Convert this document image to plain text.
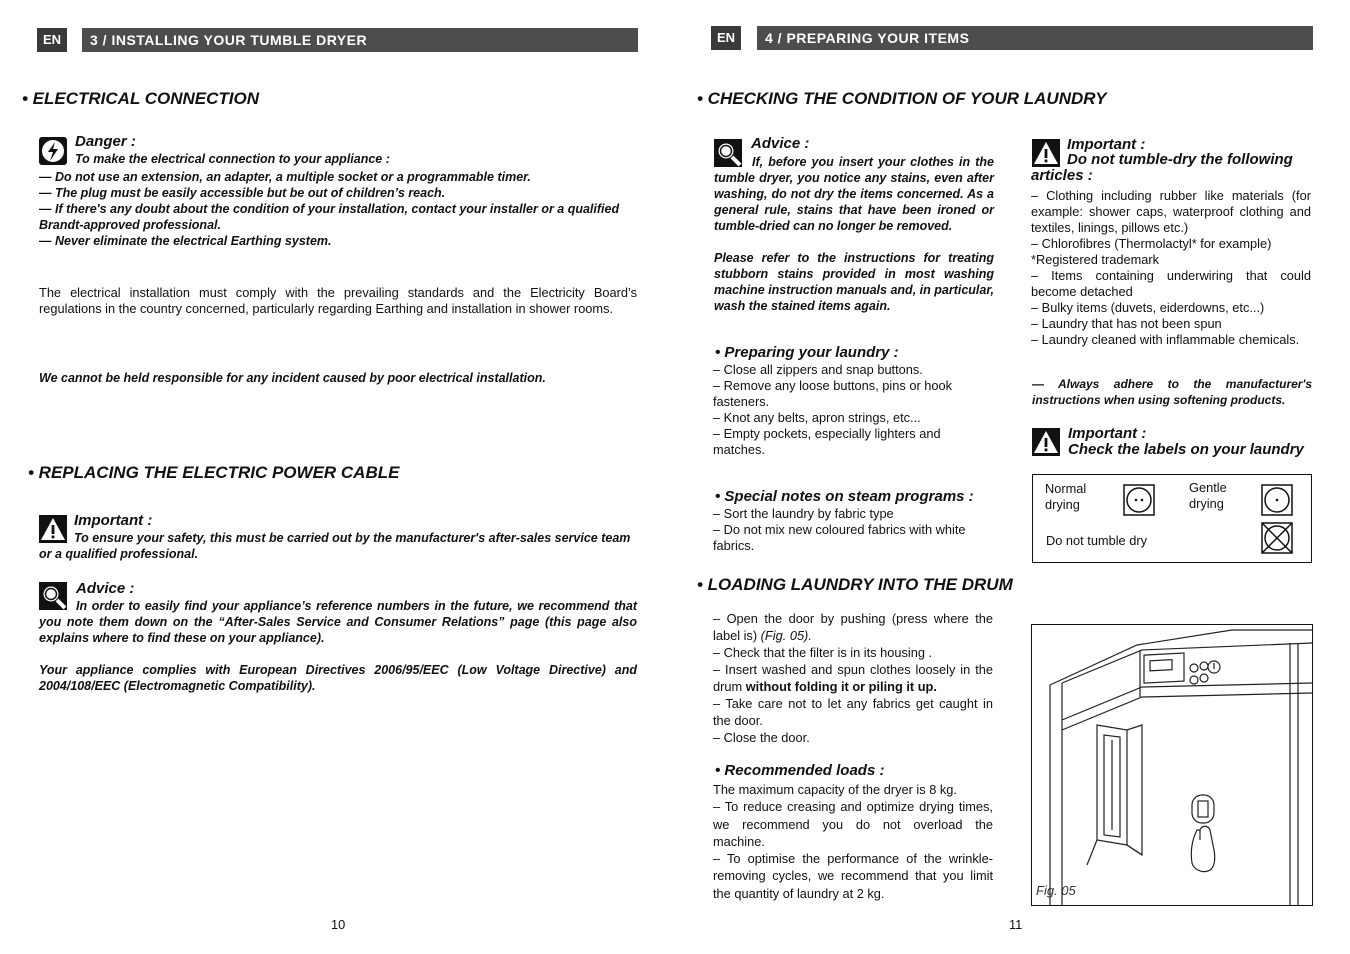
EN	3 / INSTALLING YOUR TUMBLE DRYER
• ELECTRICAL CONNECTION
Danger :
To make the electrical connection to your appliance :
— Do not use an extension, an adapter, a multiple socket or a programmable timer.
— The plug must be easily accessible but be out of children’s reach.
— If there's any doubt about the condition of your installation, contact your installer or a qualified Brandt-approved professional.
— Never eliminate the electrical Earthing system.
The electrical installation must comply with the prevailing standards and the Electricity Board’s regulations in the country concerned, particularly regarding Earthing and installation in shower rooms.
We cannot be held responsible for any incident caused by poor electrical installation.
• REPLACING THE ELECTRIC POWER CABLE
Important :
To ensure your safety, this must be carried out by the manufacturer's after-sales service team or a qualified professional.
Advice :
In order to easily find your appliance’s reference numbers in the future, we recommend that you note them down on the “After-Sales Service and Consumer Relations” page (this page also explains where to find these on your appliance).
Your appliance complies with European Directives 2006/95/EEC (Low Voltage Directive) and 2004/108/EEC (Electromagnetic Compatibility).
10
EN	4 / PREPARING YOUR ITEMS
• CHECKING THE CONDITION OF YOUR LAUNDRY
Advice :
If, before you insert your clothes in the tumble dryer, you notice any stains, even after washing, do not dry the items concerned. As a general rule, stains that have been ironed or tumble-dried can no longer be removed.
Please refer to the instructions for treating stubborn stains provided in most washing machine instruction manuals and, in particular, wash the stained items again.
• Preparing your laundry :
– Close all zippers and snap buttons.
– Remove any loose buttons, pins or hook fasteners.
– Knot any belts, apron strings, etc...
– Empty pockets, especially lighters and matches.
• Special notes on steam programs :
– Sort the laundry by fabric type
– Do not mix new coloured fabrics with white fabrics.
Important :
Do not tumble-dry the following articles :
– Clothing including rubber like materials (for example: shower caps, waterproof clothing and textiles, linings, pillows etc.)
– Chlorofibres (Thermolactyl* for example)
*Registered trademark
– Items containing underwiring that could become detached
– Bulky items (duvets, eiderdowns, etc...)
– Laundry that has not been spun
– Laundry cleaned with inflammable chemicals.
— Always adhere to the manufacturer's instructions when using softening products.
Important :
Check the labels on your laundry
Normal drying
Gentle drying
Do not tumble dry
• LOADING LAUNDRY INTO THE DRUM
– Open the door by pushing (press where the label is) (Fig. 05).
– Check that the filter is in its housing .
– Insert washed and spun clothes loosely in the drum without folding it or piling it up.
– Take care not to let any fabrics get caught in the door.
– Close the door.
• Recommended loads :
The maximum capacity of the dryer is 8 kg.
– To reduce creasing and optimize drying times, we recommend you do not overload the machine.
– To optimise the performance of the wrinkle-removing cycles, we recommend that you limit the quantity of laundry at 2 kg.	Fig. 05
11
